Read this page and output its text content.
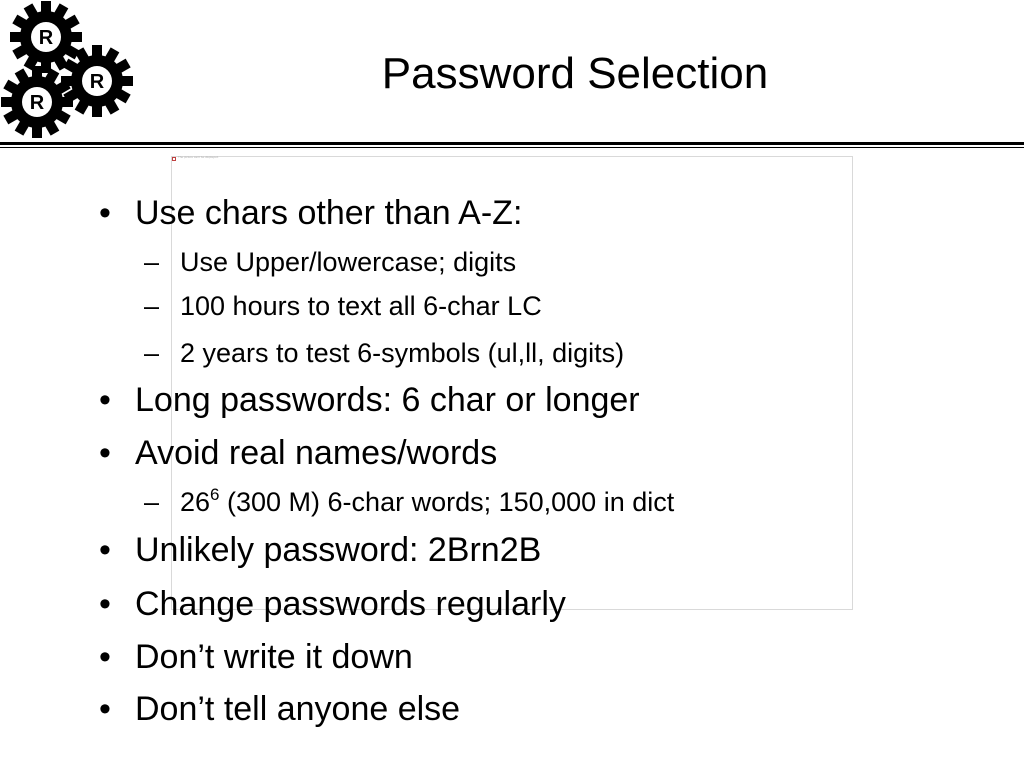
R
R
R
Password Selection
The picture can't be displayed.
• Use chars other than A-Z:
– Use Upper/lowercase; digits
– 100 hours to text all 6-char LC
– 2 years to test 6-symbols (ul,ll, digits)
• Long passwords: 6 char or longer
• Avoid real names/words
– $26^6$ (300 M) 6-char words; 150,000 in dict
• Unlikely password: 2Brn2B
• Change passwords regularly
• Don’t write it down
• Don’t tell anyone else
